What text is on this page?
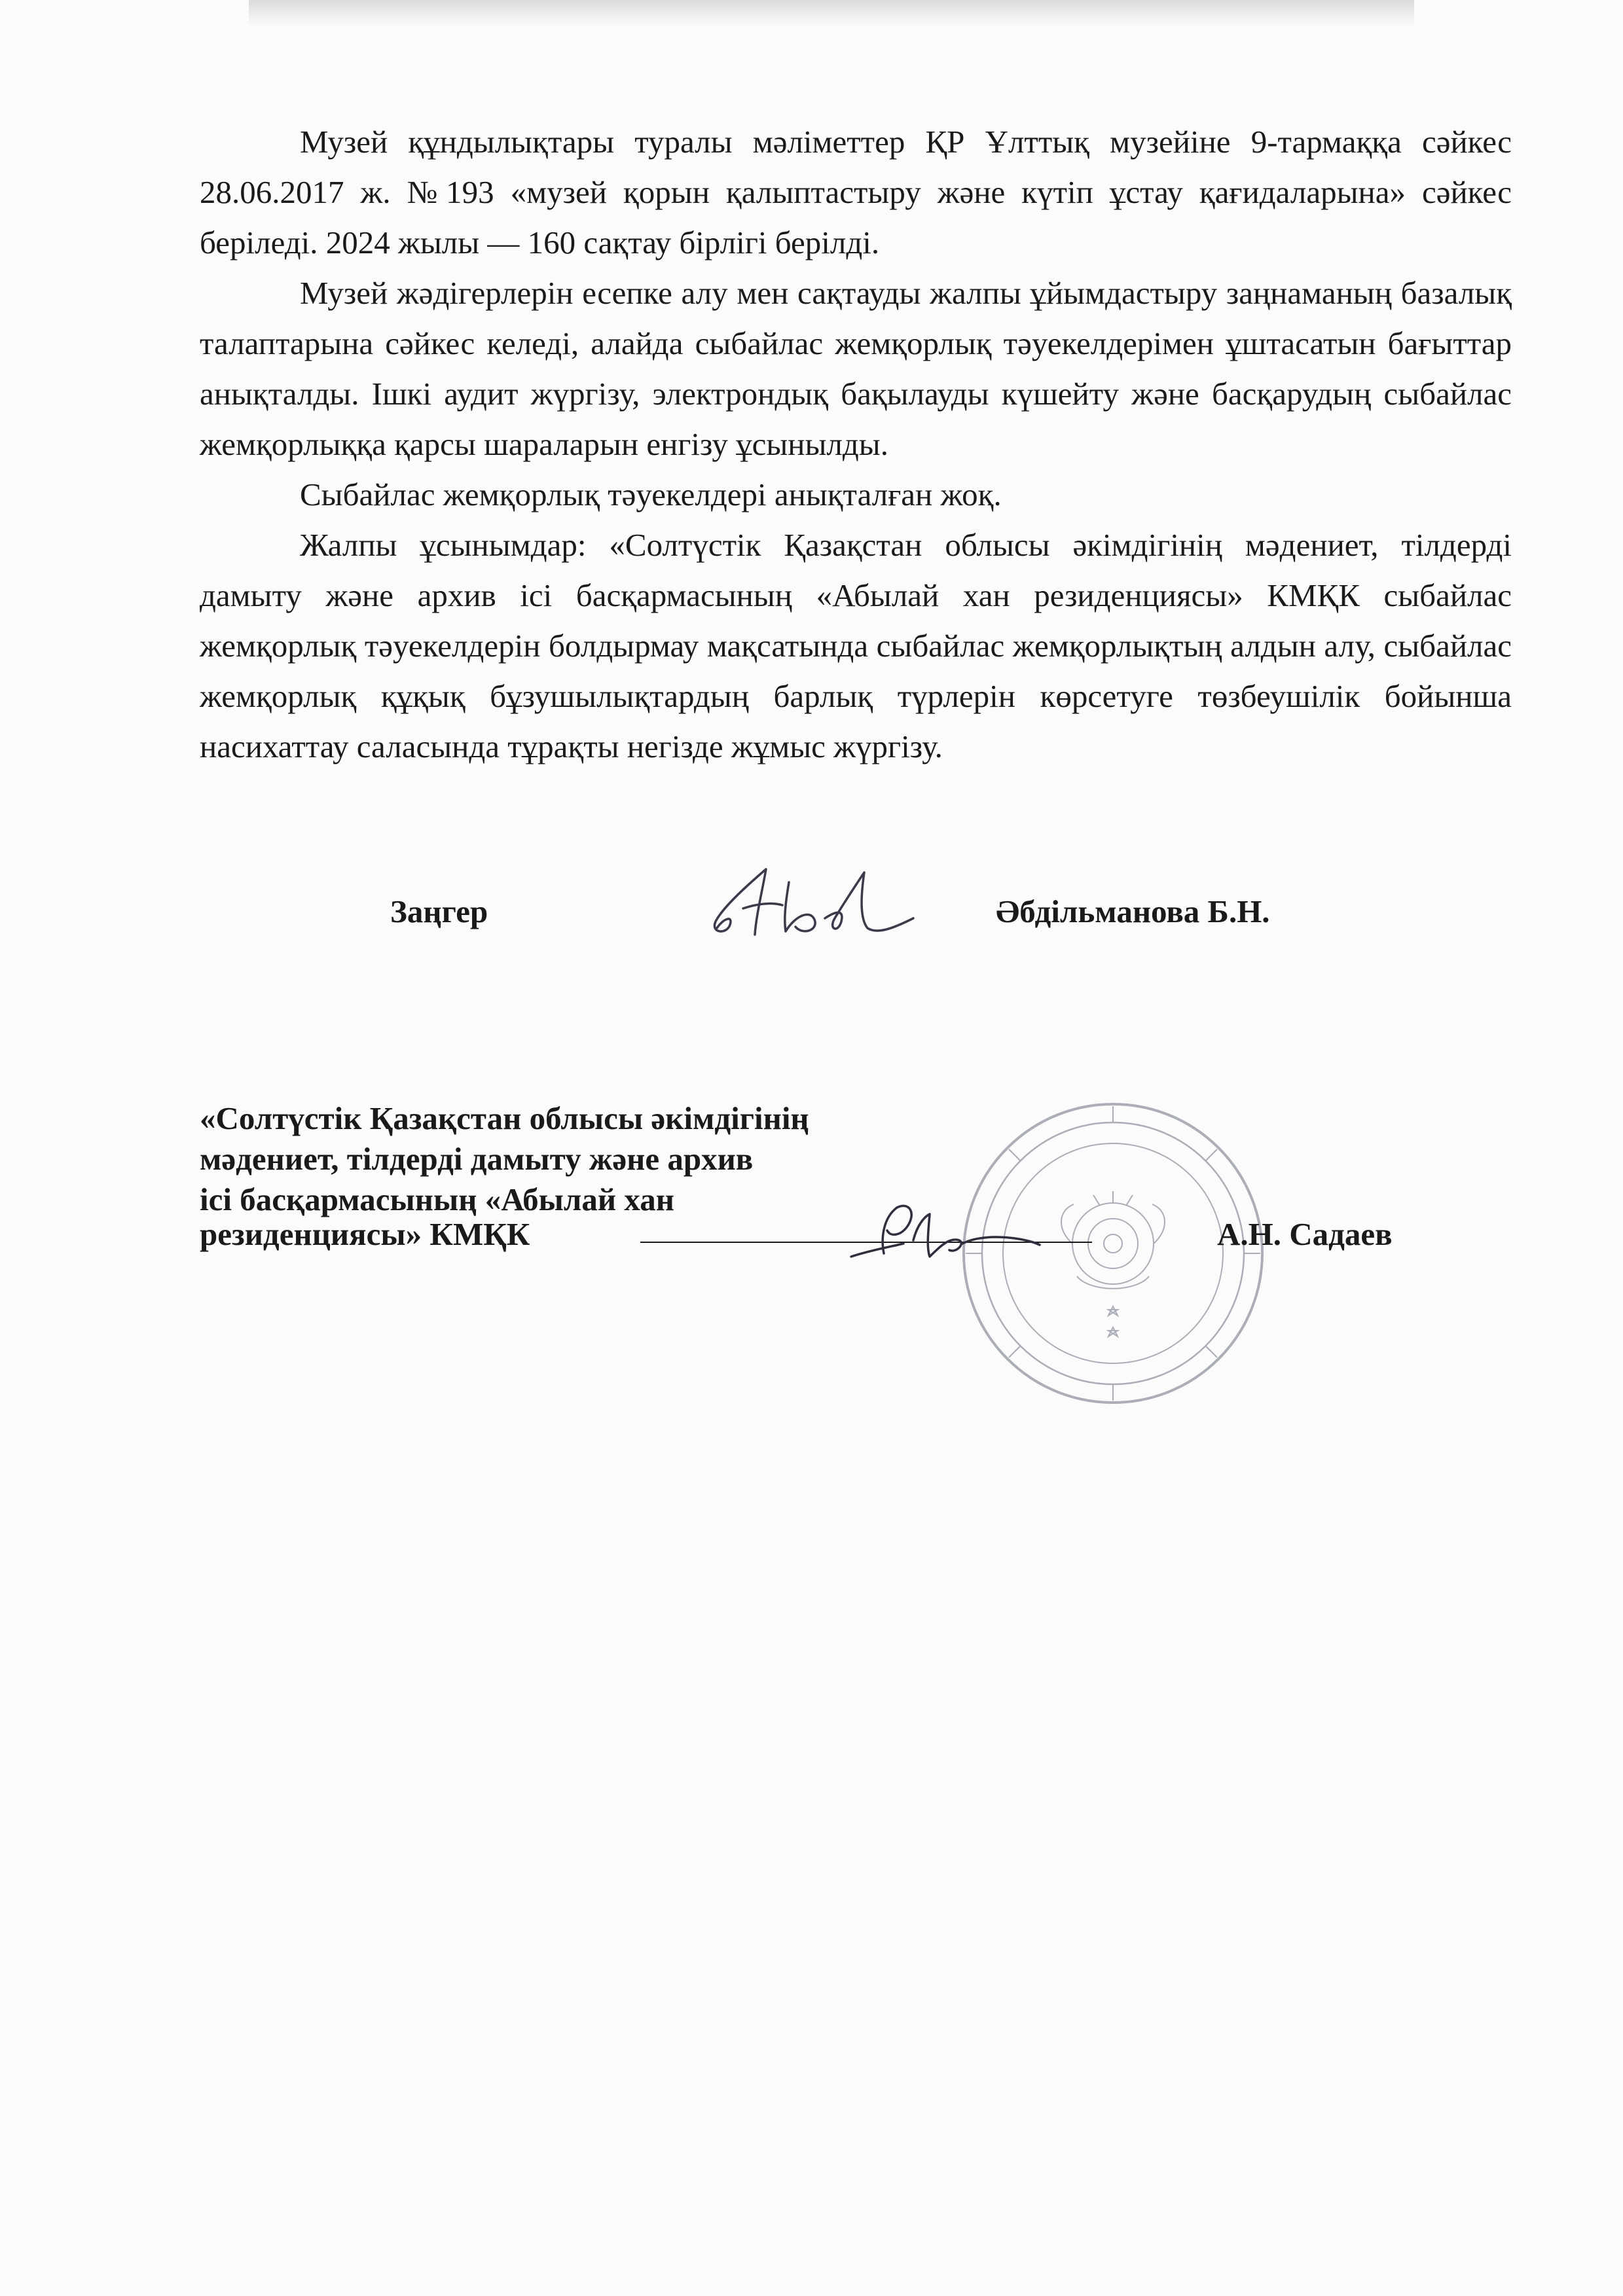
Музей құндылықтары туралы мәліметтер ҚР Ұлттық музейіне 9-тармаққа сәйкес 28.06.2017 ж. №193 «музей қорын қалыптастыру және күтіп ұстау қағидаларына» сәйкес беріледі. 2024 жылы — 160 сақтау бірлігі берілді.

Музей жәдігерлерін есепке алу мен сақтауды жалпы ұйымдастыру заңнаманың базалық талаптарына сәйкес келеді, алайда сыбайлас жемқорлық тәуекелдерімен ұштасатын бағыттар анықталды. Ішкі аудит жүргізу, электрондық бақылауды күшейту және басқарудың сыбайлас жемқорлыққа қарсы шараларын енгізу ұсынылды.

Сыбайлас жемқорлық тәуекелдері анықталған жоқ.

Жалпы ұсынымдар: «Солтүстік Қазақстан облысы әкімдігінің мәдениет, тілдерді дамыту және архив ісі басқармасының «Абылай хан резиденциясы» КМҚК сыбайлас жемқорлық тәуекелдерін болдырмау мақсатында сыбайлас жемқорлықтың алдын алу, сыбайлас жемқорлық құқық бұзушылықтардың барлық түрлерін көрсетуге төзбеушілік бойынша насихаттау саласында тұрақты негізде жұмыс жүргізу.

Заңгер	Әбдільманова Б.Н.
«Солтүстік Қазақстан облысы әкімдігінің
мәдениет, тілдерді дамыту және архив
ісі басқармасының «Абылай хан
резиденциясы» КМҚК	А.Н. Садаев
